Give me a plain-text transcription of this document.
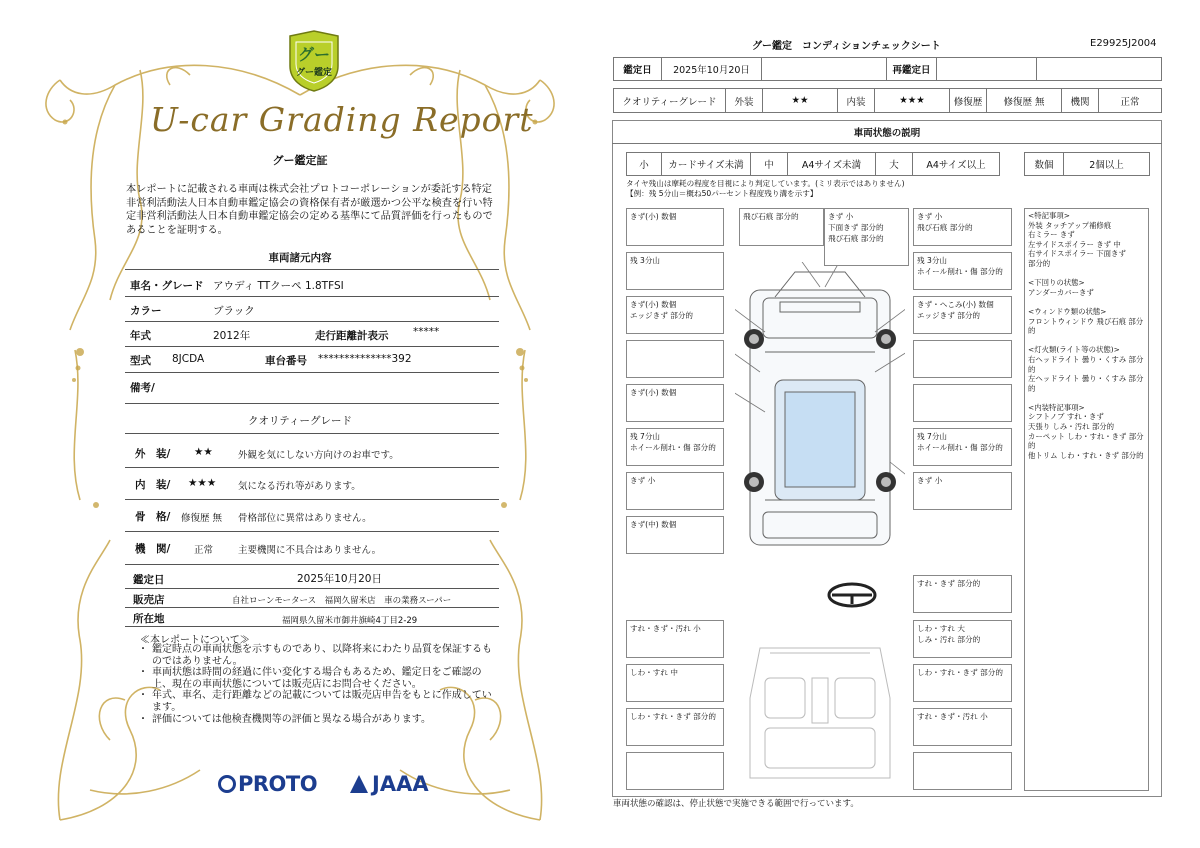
グー
グー鑑定
U-car Grading Report
グー鑑定証
本レポートに記載される車両は株式会社プロトコーポレーションが委託する特定非営利活動法人日本自動車鑑定協会の資格保有者が厳選かつ公平な検査を行い特定非営利活動法人日本自動車鑑定協会の定める基準にて品質評価を行ったものであることを証明する。
車両諸元内容
車名・グレード アウディ TTクーペ 1.8TFSI
カラー	ブラック
年式	2012年	走行距離計表示 *****
型式 8JCDA	車台番号 **************392
備考/
クオリティーグレード
外　装/ ★★	外観を気にしない方向けのお車です。
内　装/ ★★★ 気になる汚れ等があります。
骨　格/ 修復歴 無 骨格部位に異常はありません。
機　関/ 正常	主要機関に不具合はありません。
鑑定日	2025年10月20日
販売店	自社ローンモータース　福岡久留米店　車の業務スーパー
所在地	福岡県久留米市御井旗崎4丁目2-29
≪本レポートについて≫
・ 鑑定時点の車両状態を示すものであり、以降将来にわたり品質を保証するものではありません。
・ 車両状態は時間の経過に伴い変化する場合もあるため、鑑定日をご確認の上、現在の車両状態については販売店にお問合せください。
・ 年式、車名、走行距離などの記載については販売店申告をもとに作成しています。
・ 評価については他検査機関等の評価と異なる場合があります。
PROTO	JAAA
グー鑑定　コンディションチェックシート	E29925J2004
鑑定日	2025年10月20日	再鑑定日
クオリティーグレード	外装	★★	内装	★★★	修復歴	修復歴 無	機関	正常
車両状態の説明
小	カードサイズ未満	中	A4サイズ未満	大	A4サイズ以上	数個	2個以上
タイヤ残山は摩耗の程度を目視により判定しています。(ミリ表示ではありません)
【例：残 5分山＝概ね50パーセント程度残り溝を示す】
きず(小) 数個	飛び石痕 部分的	きず 小
下面きず 部分的
飛び石痕 部分的
きず 小
飛び石痕 部分的
残 3分山	残 3分山
ホイール削れ・傷 部分的
きず(小) 数個
エッジきず 部分的
きず・へこみ(小) 数個
エッジきず 部分的
きず(小) 数個
残 7分山
ホイール削れ・傷 部分的
残 7分山
ホイール削れ・傷 部分的
きず 小	きず 小
きず(中) 数個
すれ・きず 部分的
すれ・きず・汚れ 小	しわ・すれ 大
しみ・汚れ 部分的
しわ・すれ 中	しわ・すれ・きず 部分的
しわ・すれ・きず 部分的	すれ・きず・汚れ 小
<特記事項>
外装 タッチアップ補修痕
右ミラー きず
左サイドスポイラー きず 中
右サイドスポイラー 下面きず
部分的

<下回りの状態>
アンダーカバーきず

<ウィンドウ類の状態>
フロントウィンドウ 飛び石痕 部分的

<灯火類(ライト等の状態)>
右ヘッドライト 曇り・くすみ 部分的
左ヘッドライト 曇り・くすみ 部分的

<内装特記事項>
シフトノブ すれ・きず
天張り しみ・汚れ 部分的
カーペット しわ・すれ・きず 部分的
他トリム しわ・すれ・きず 部分的
車両状態の確認は、停止状態で実施できる範囲で行っています。
